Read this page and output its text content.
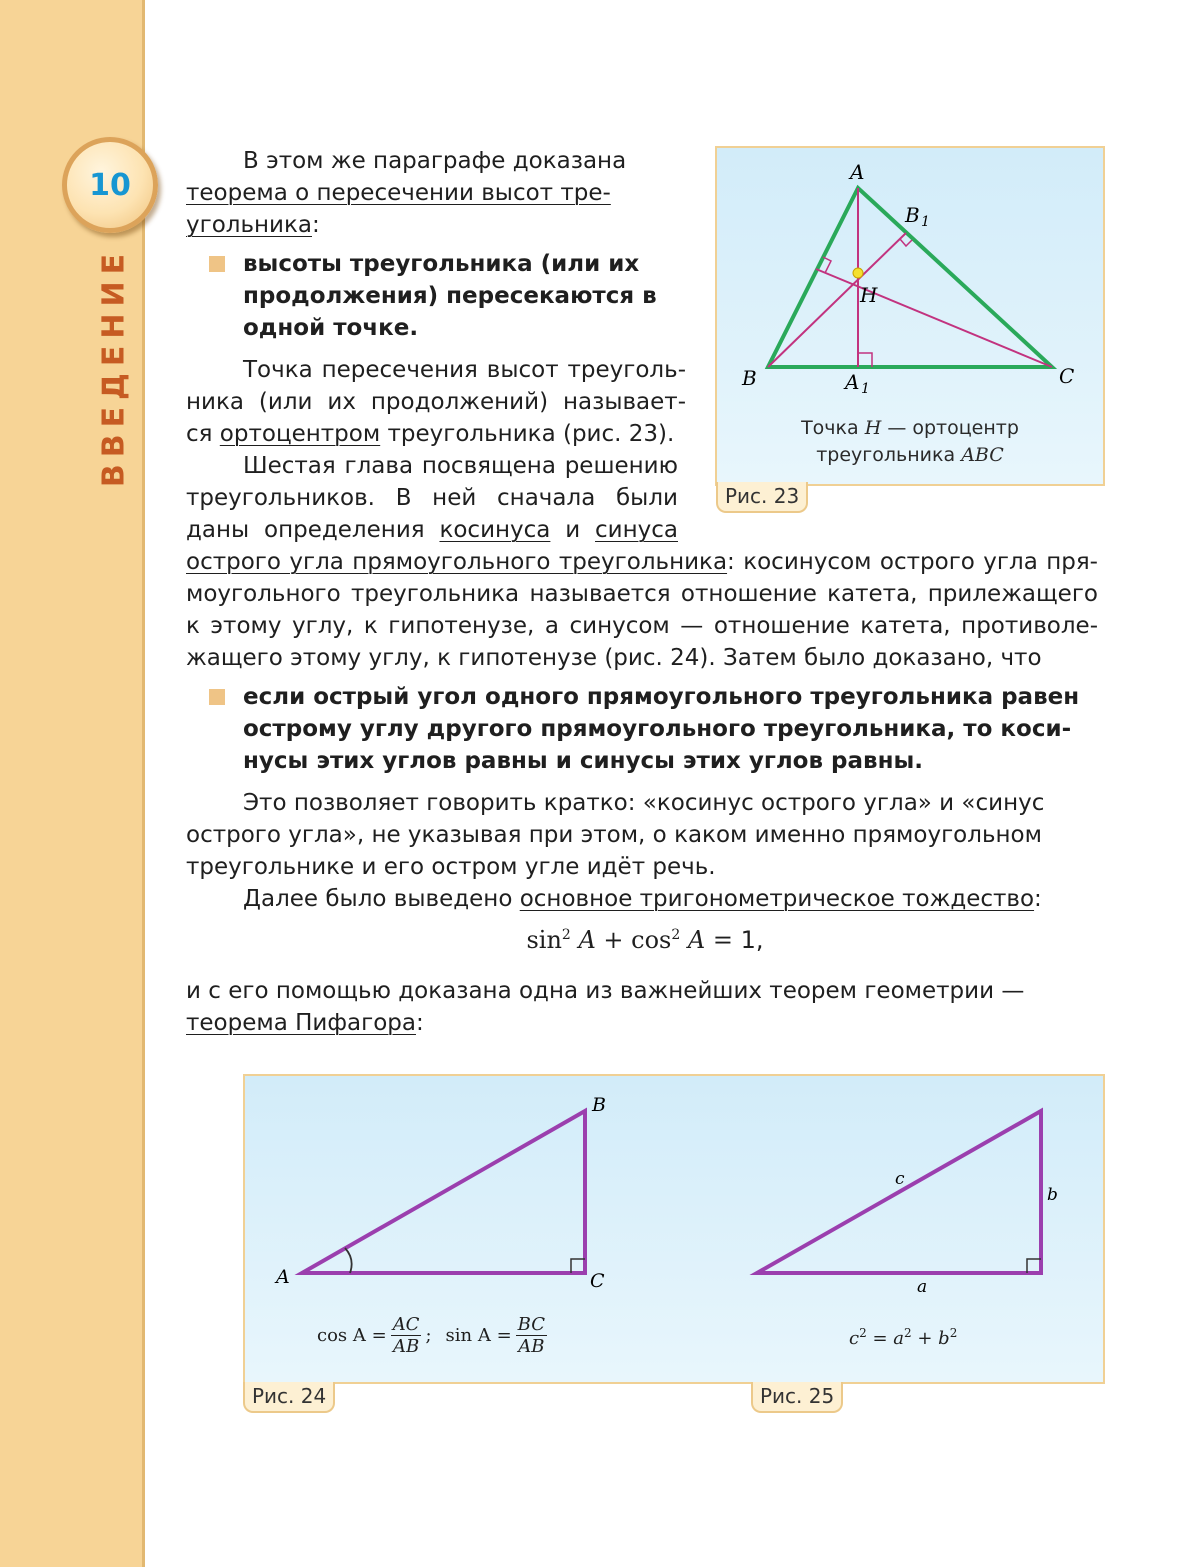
10
ВВЕДЕНИЕ

В этом же параграфе доказана теорема о пересечении высот тре- угольника:

высоты треугольника (или их продолжения) пересекаются в одной точке.

Точка пересечения высот треуголь- ника (или их продолжений) называет- ся ортоцентром треугольника (рис. 23).

Шестая глава посвящена решению треугольников. В ней сначала были даны определения косинуса и синуса острого угла прямоугольного треугольника: косинусом острого угла пря- моугольного треугольника называется отношение катета, прилежащего к этому углу, к гипотенузе, а синусом — отношение катета, противоле- жащего этому углу, к гипотенузе (рис. 24). Затем было доказано, что

если острый угол одного прямоугольного треугольника равен острому углу другого прямоугольного треугольника, то коси- нусы этих углов равны и синусы этих углов равны.

Это позволяет говорить кратко: «косинус острого угла» и «синус острого угла», не указывая при этом, о каком именно прямоугольном треугольнике и его остром угле идёт речь.

Далее было выведено основное тригонометрическое тождество:

$\sin^2 A + \cos^2 A = 1$,

и с его помощью доказана одна из важнейших теорем геометрии — теорема Пифагора:

A
B	C
H
A 1
B 1
Точка H — ортоцентр
треугольника ABC
Рис. 23
A
B
C
c
b
a
$\cos A = \frac{AC}{AB}$ ; $\sin A = \frac{BC}{AB}$	$c^2 = a^2 + b^2$
Рис. 24	Рис. 25
